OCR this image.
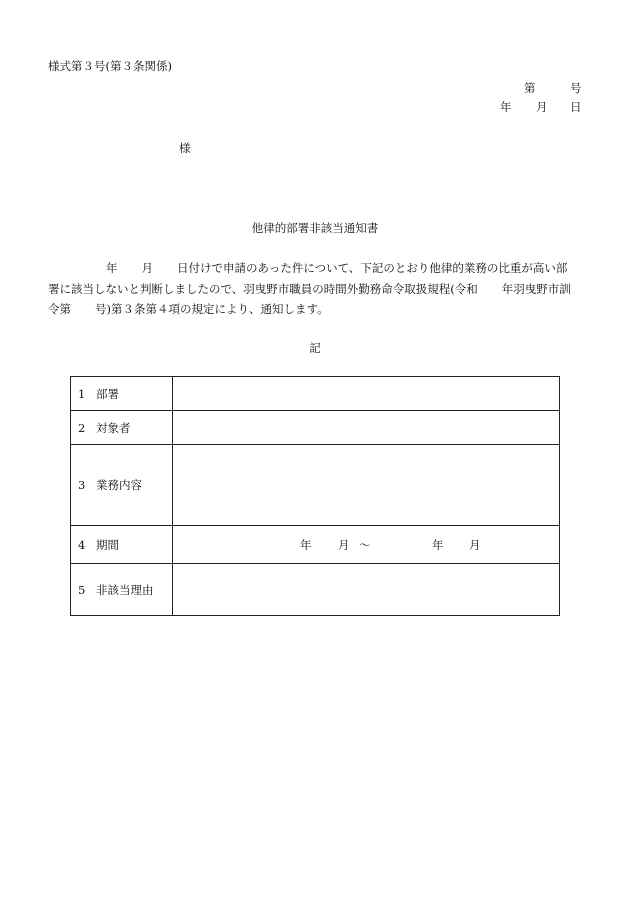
様式第３号(第３条関係)
第	号
年 月 日
様
他律的部署非該当通知書
年 月 日付けで申請のあった件について、下記のとおり他律的業務の比重が高い部
署に該当しないと判断しましたので、羽曳野市職員の時間外勤務命令取扱規程(令和 年羽曳野市訓
令第 号)第３条第４項の規定により、通知します。
記
1 部署	
2 対象者	
3 業務内容	
4 期間	年 月 ～ 年 月

5 非該当理由	
